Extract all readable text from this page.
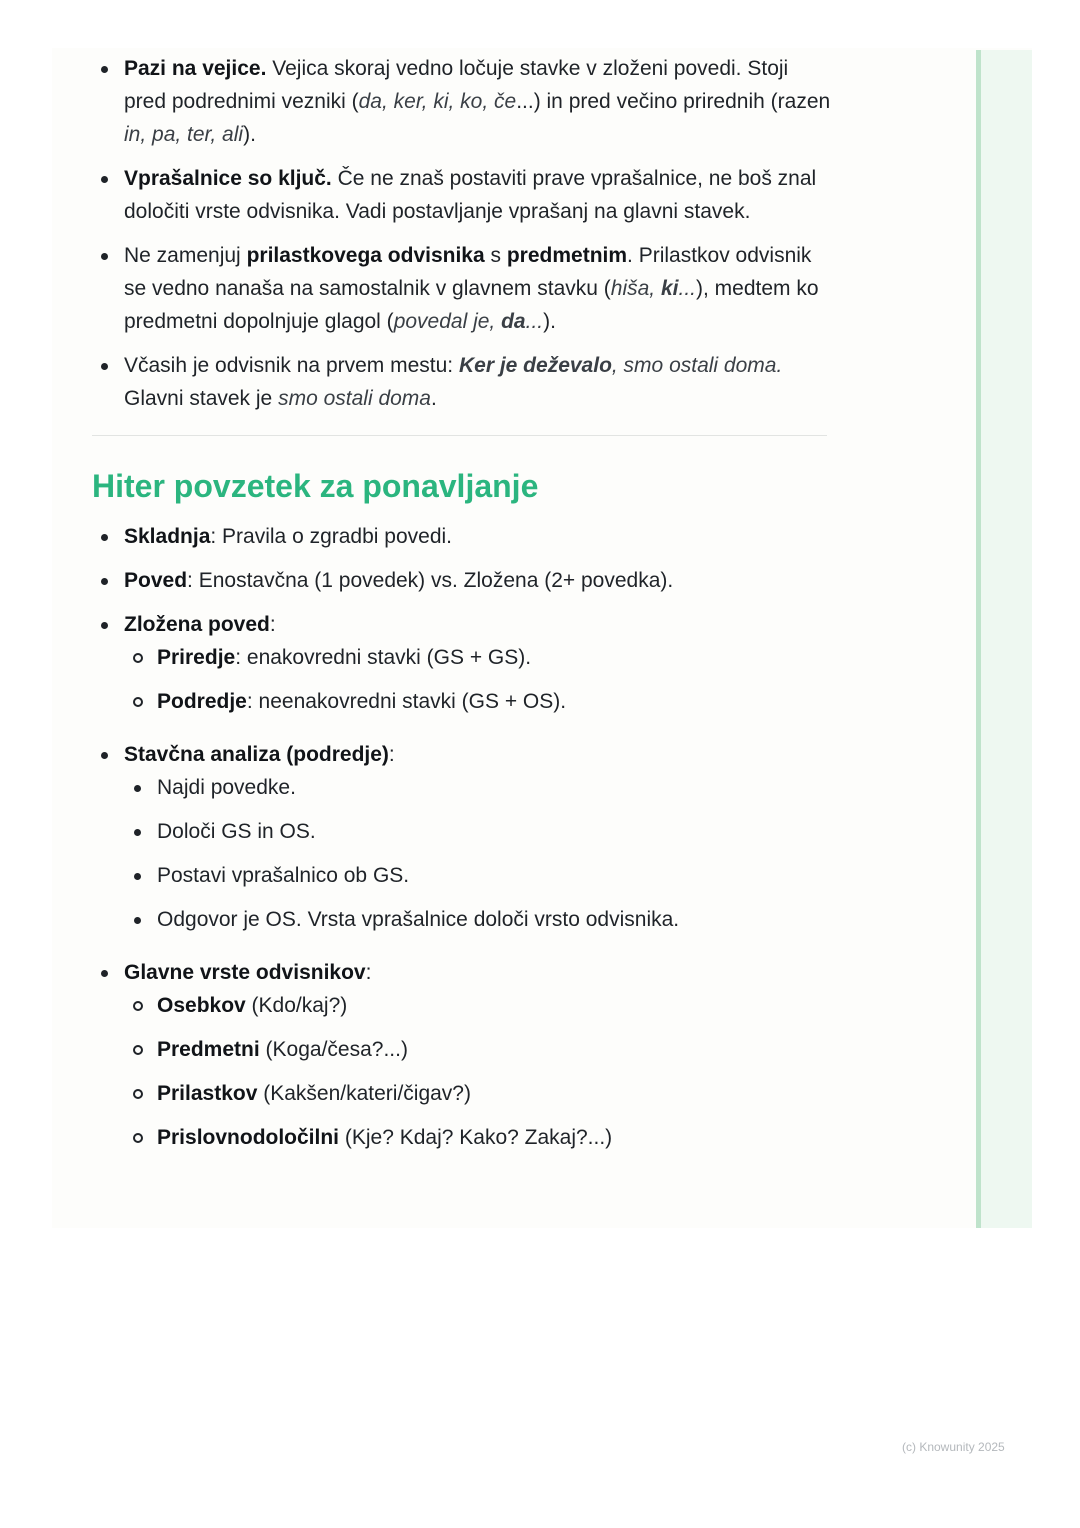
Pazi na vejice. Vejica skoraj vedno ločuje stavke v zloženi povedi. Stoji pred podrednimi vezniki (da, ker, ki, ko, če...) in pred večino prirednih (razen in, pa, ter, ali).
Vprašalnice so ključ. Če ne znaš postaviti prave vprašalnice, ne boš znal določiti vrste odvisnika. Vadi postavljanje vprašanj na glavni stavek.
Ne zamenjuj prilastkovega odvisnika s predmetnim. Prilastkov odvisnik se vedno nanaša na samostalnik v glavnem stavku (hiša, ki...), medtem ko predmetni dopolnjuje glagol (povedal je, da...).
Včasih je odvisnik na prvem mestu: Ker je deževalo, smo ostali doma. Glavni stavek je smo ostali doma.
Hiter povzetek za ponavljanje
Skladnja: Pravila o zgradbi povedi.
Poved: Enostavčna (1 povedek) vs. Zložena (2+ povedka).
Zložena poved:
Priredje: enakovredni stavki (GS + GS).
Podredje: neenakovredni stavki (GS + OS).
Stavčna analiza (podredje):
Najdi povedke.
Določi GS in OS.
Postavi vprašalnico ob GS.
Odgovor je OS. Vrsta vprašalnice določi vrsto odvisnika.
Glavne vrste odvisnikov:
Osebkov (Kdo/kaj?)
Predmetni (Koga/česa?...)
Prilastkov (Kakšen/kateri/čigav?)
Prislovnodoločilni (Kje? Kdaj? Kako? Zakaj?...)
(c) Knowunity 2025
